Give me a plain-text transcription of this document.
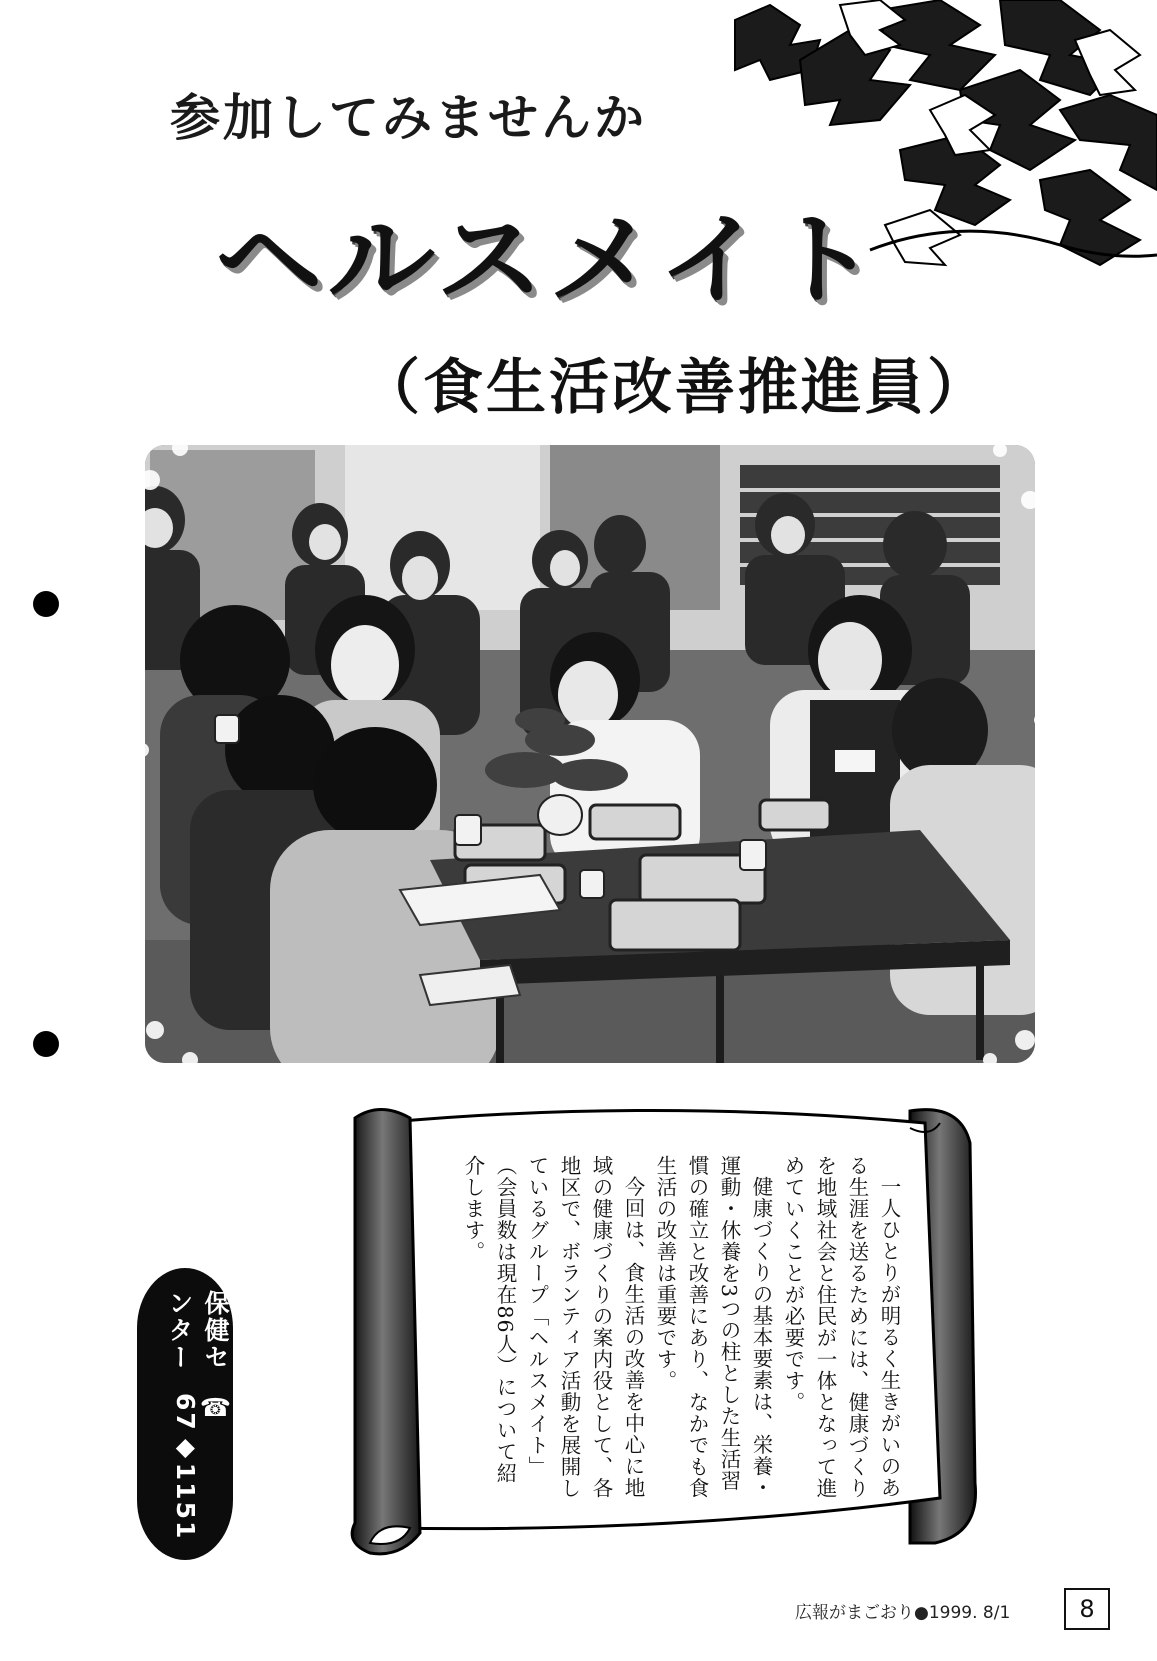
参加してみませんか
ヘルスメイト
（食生活改善推進員）

一人ひとりが明るく生きがいのある生涯を送るためには、健康づくりを地域社会と住民が一体となって進めていくことが必要です。

健康づくりの基本要素は、栄養・運動・休養を3つの柱とした生活習慣の確立と改善にあり、なかでも食生活の改善は重要です。

今回は、食生活の改善を中心に地域の健康づくりの案内役として、各地区で、ボランティア活動を展開しているグループ「ヘルスメイト」（会員数は現在86人）について紹介します。

保健センター
☎ 67◆1151
広報がまごおり●1999. 8/1	8
